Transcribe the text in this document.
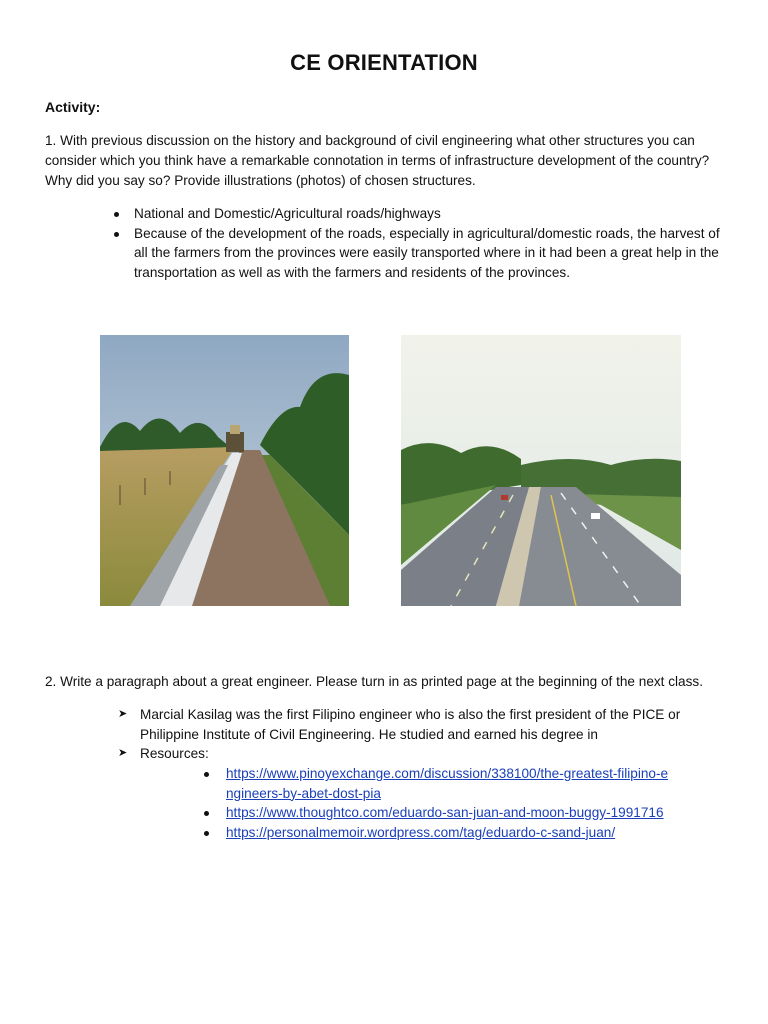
CE ORIENTATION
Activity:
1. With previous discussion on the history and background of civil engineering what other structures you can consider which you think have a remarkable connotation in terms of infrastructure development of the country? Why did you say so? Provide illustrations (photos) of chosen structures.
National and Domestic/Agricultural roads/highways
Because of the development of the roads, especially in agricultural/domestic roads, the harvest of all the farmers from the provinces were easily transported where in it had been a great help in the transportation as well as with the farmers and residents of the provinces.
2. Write a paragraph about a great engineer. Please turn in as printed page at the beginning of the next class.
➤ Marcial Kasilag was the first Filipino engineer who is also the first president of the PICE or Philippine Institute of Civil Engineering. He studied and earned his degree in
➤ Resources:
https://www.pinoyexchange.com/discussion/338100/the-greatest-filipino-engineers-by-abet-dost-pia
https://www.thoughtco.com/eduardo-san-juan-and-moon-buggy-1991716
https://personalmemoir.wordpress.com/tag/eduardo-c-sand-juan/
